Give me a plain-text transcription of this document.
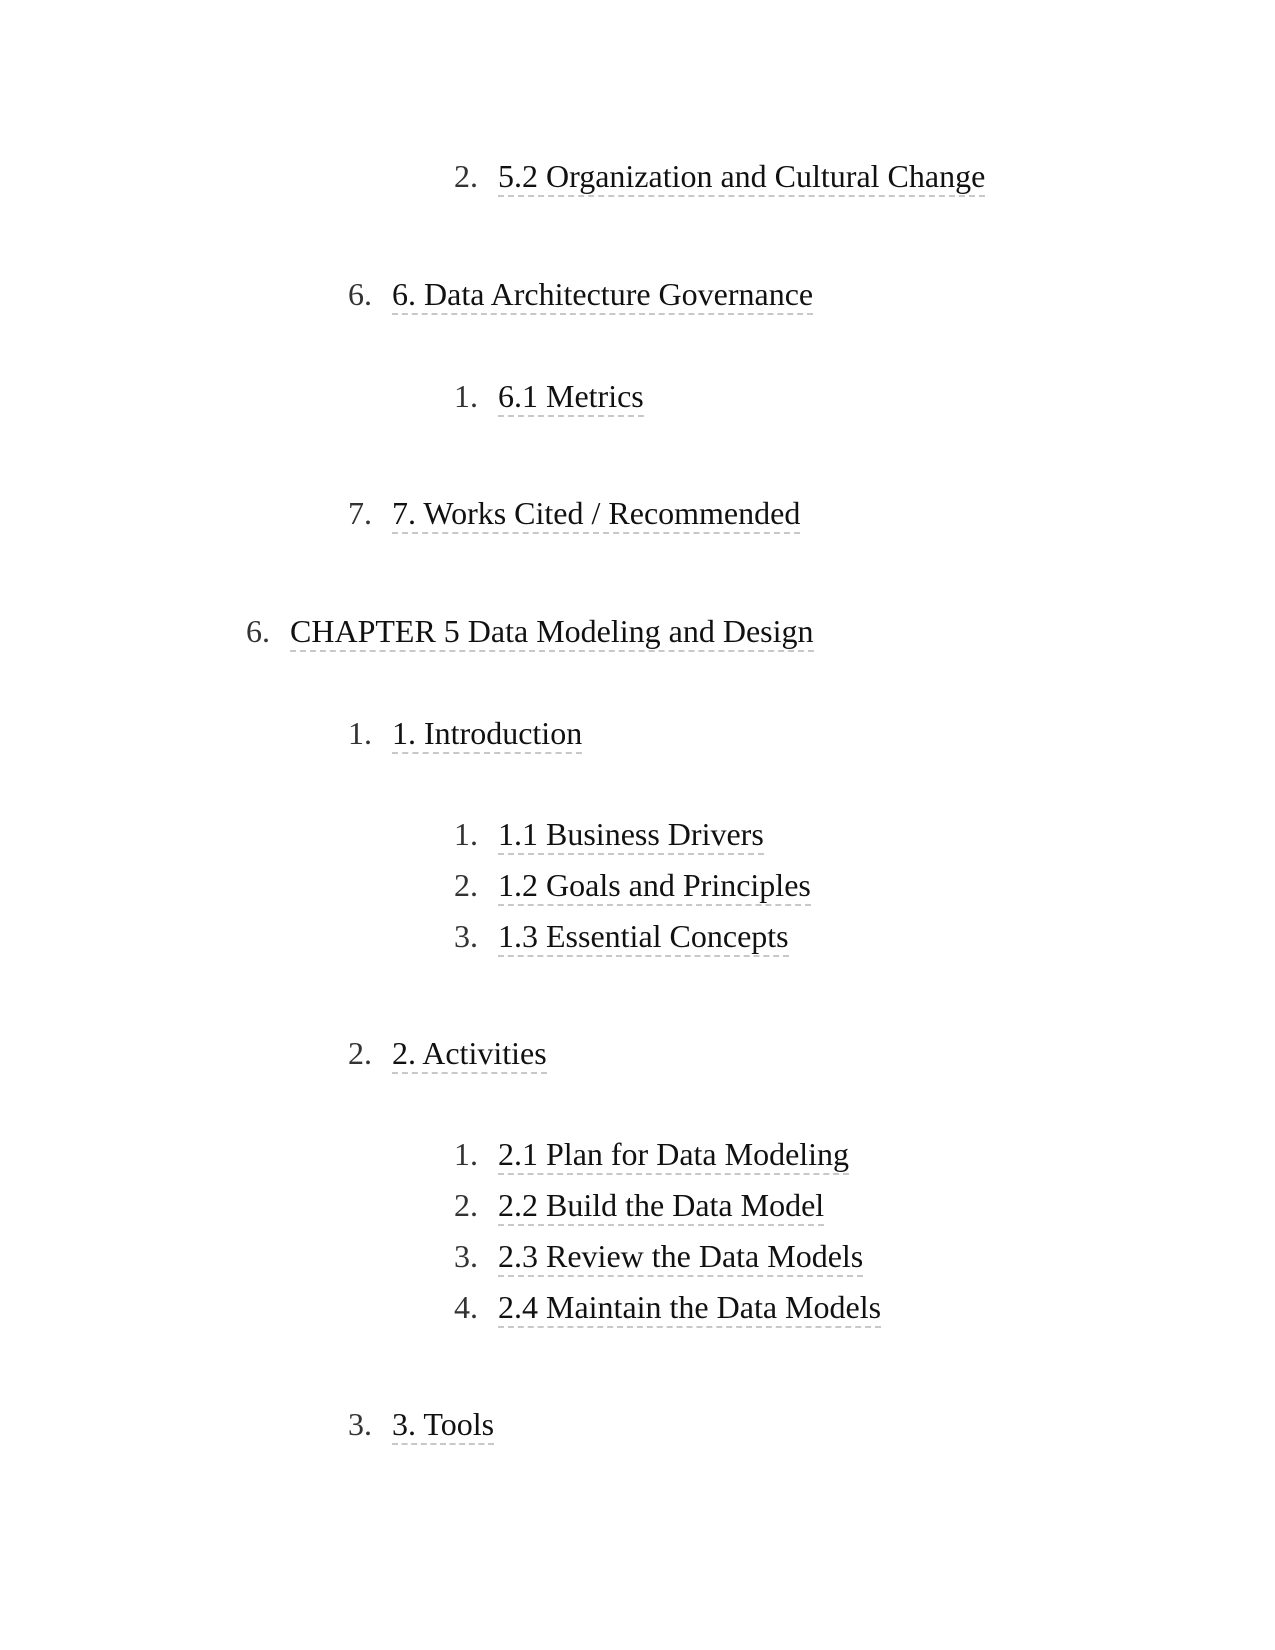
2. 5.2 Organization and Cultural Change
6. 6. Data Architecture Governance
1. 6.1 Metrics
7. 7. Works Cited / Recommended
6. CHAPTER 5 Data Modeling and Design
1. 1. Introduction
1. 1.1 Business Drivers
2. 1.2 Goals and Principles
3. 1.3 Essential Concepts
2. 2. Activities
1. 2.1 Plan for Data Modeling
2. 2.2 Build the Data Model
3. 2.3 Review the Data Models
4. 2.4 Maintain the Data Models
3. 3. Tools
